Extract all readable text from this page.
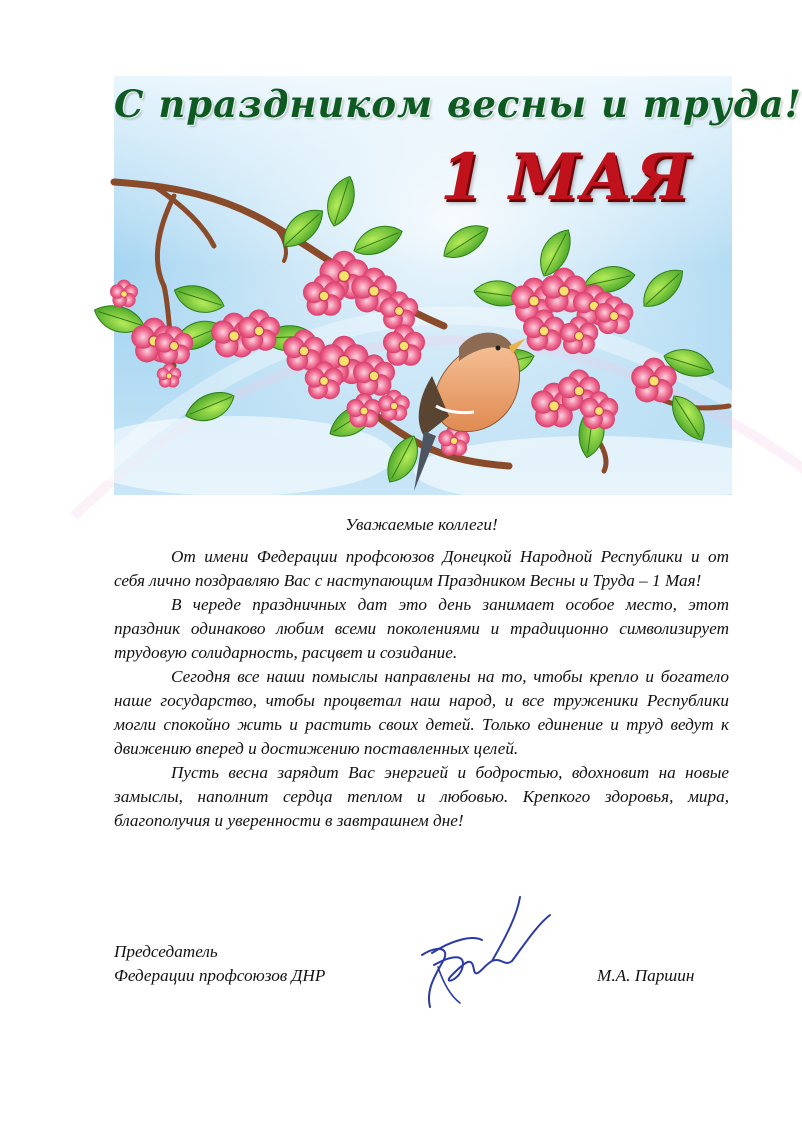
С праздником весны и труда!
1 МАЯ
Уважаемые коллеги!

От имени Федерации профсоюзов Донецкой Народной Республики и от себя лично поздравляю Вас с наступающим Праздником Весны и Труда – 1 Мая!

В череде праздничных дат это день занимает особое место, этот праздник одинаково любим всеми поколениями и традиционно символизирует трудовую солидарность, расцвет и созидание.

Сегодня все наши помыслы направлены на то, чтобы крепло и богатело наше государство, чтобы процветал наш народ, и все труженики Республики могли спокойно жить и растить своих детей. Только единение и труд ведут к движению вперед и достижению поставленных целей.

Пусть весна зарядит Вас энергией и бодростью, вдохновит на новые замыслы, наполнит сердца теплом и любовью. Крепкого здоровья, мира, благополучия и уверенности в завтрашнем дне!

Председатель
Федерации профсоюзов ДНР	М.А. Паршин
